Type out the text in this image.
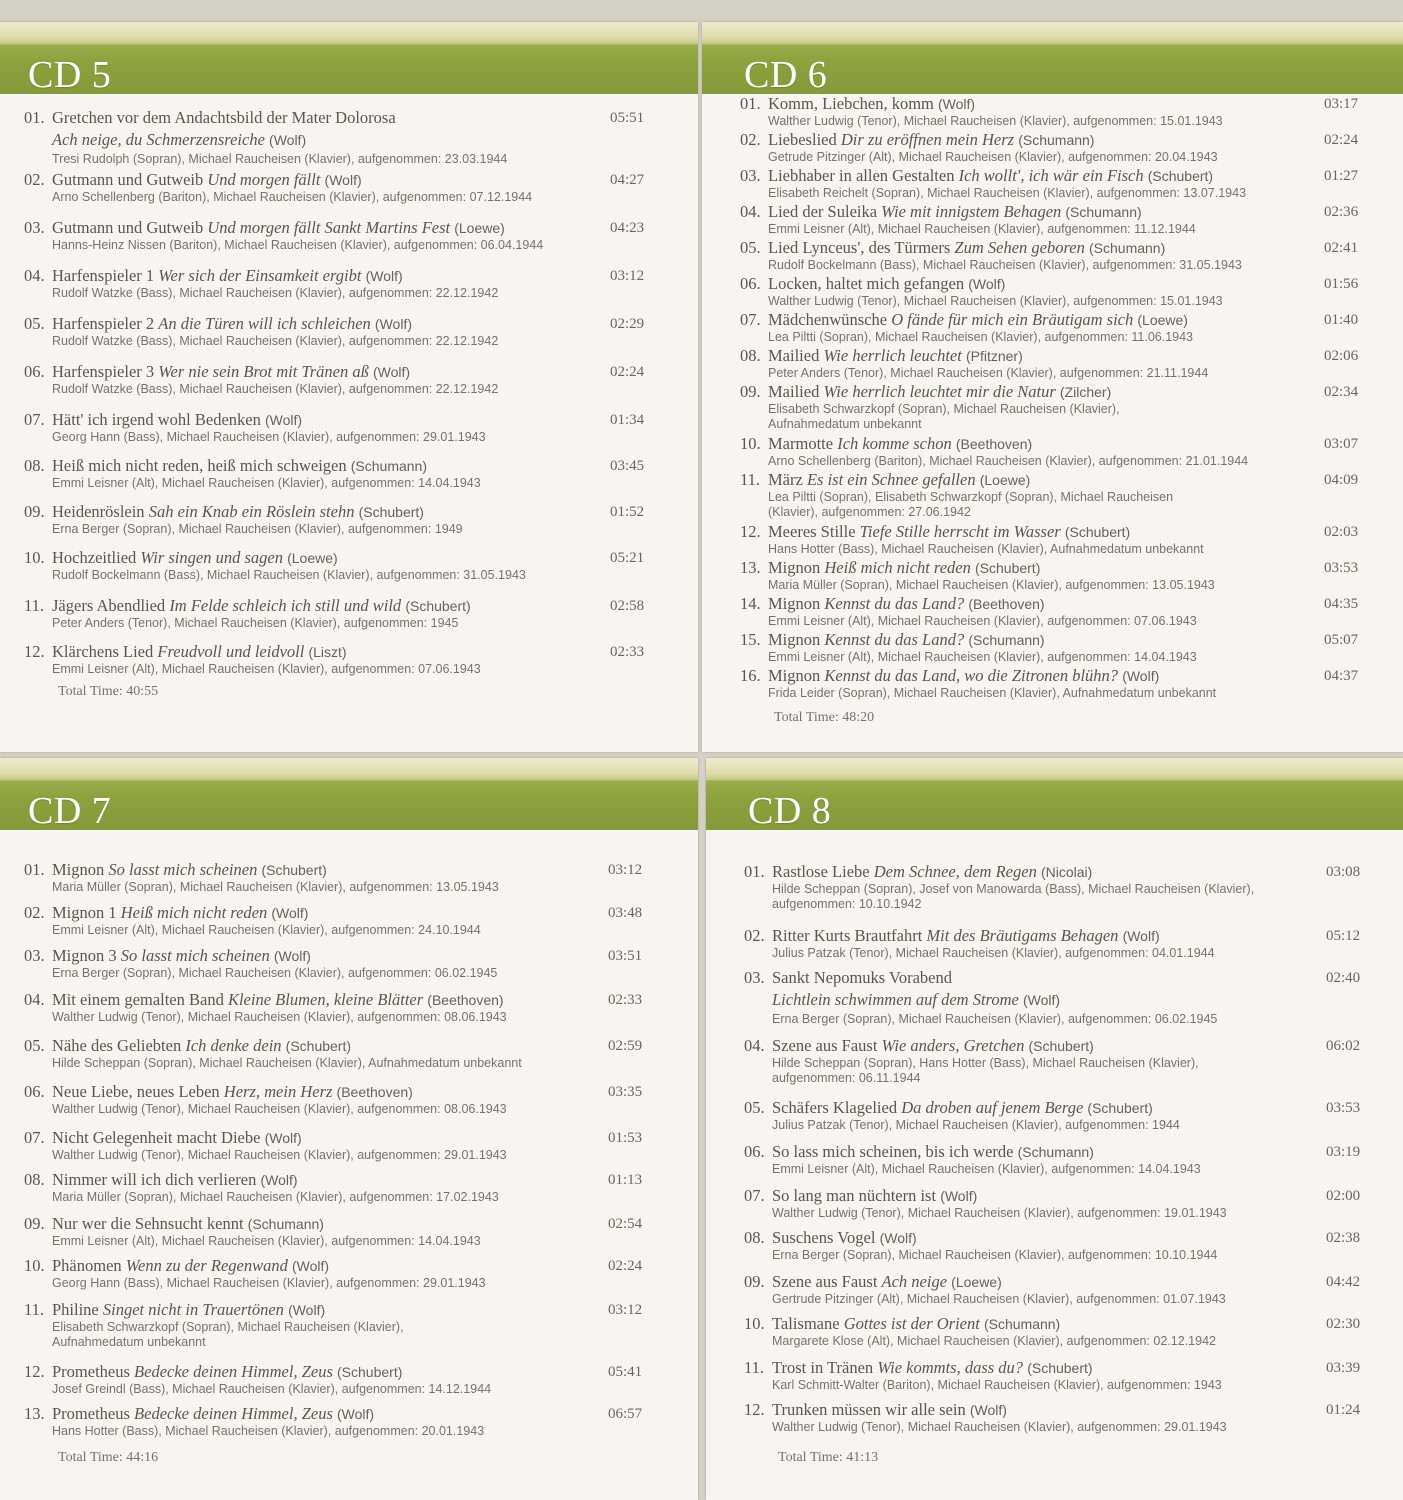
CD 5
01. Gretchen vor dem Andachtsbild der Mater Dolorosa
Ach neige, du Schmerzensreiche (Wolf)
Tresi Rudolph (Sopran), Michael Raucheisen (Klavier), aufgenommen: 23.03.1944
05:51
02. Gutmann und Gutweib Und morgen fällt (Wolf)
Arno Schellenberg (Bariton), Michael Raucheisen (Klavier), aufgenommen: 07.12.1944
04:27
03. Gutmann und Gutweib Und morgen fällt Sankt Martins Fest (Loewe)
Hanns-Heinz Nissen (Bariton), Michael Raucheisen (Klavier), aufgenommen: 06.04.1944
04:23
04. Harfenspieler 1 Wer sich der Einsamkeit ergibt (Wolf)
Rudolf Watzke (Bass), Michael Raucheisen (Klavier), aufgenommen: 22.12.1942
03:12
05. Harfenspieler 2 An die Türen will ich schleichen (Wolf)
Rudolf Watzke (Bass), Michael Raucheisen (Klavier), aufgenommen: 22.12.1942
02:29
06. Harfenspieler 3 Wer nie sein Brot mit Tränen aß (Wolf)
Rudolf Watzke (Bass), Michael Raucheisen (Klavier), aufgenommen: 22.12.1942
02:24
07. Hätt' ich irgend wohl Bedenken (Wolf)
Georg Hann (Bass), Michael Raucheisen (Klavier), aufgenommen: 29.01.1943
01:34
08. Heiß mich nicht reden, heiß mich schweigen (Schumann)
Emmi Leisner (Alt), Michael Raucheisen (Klavier), aufgenommen: 14.04.1943
03:45
09. Heidenröslein Sah ein Knab ein Röslein stehn (Schubert)
Erna Berger (Sopran), Michael Raucheisen (Klavier), aufgenommen: 1949
01:52
10. Hochzeitlied Wir singen und sagen (Loewe)
Rudolf Bockelmann (Bass), Michael Raucheisen (Klavier), aufgenommen: 31.05.1943
05:21
11. Jägers Abendlied Im Felde schleich ich still und wild (Schubert)
Peter Anders (Tenor), Michael Raucheisen (Klavier), aufgenommen: 1945
02:58
12. Klärchens Lied Freudvoll und leidvoll (Liszt)
Emmi Leisner (Alt), Michael Raucheisen (Klavier), aufgenommen: 07.06.1943
02:33
Total Time: 40:55
CD 6
01. Komm, Liebchen, komm (Wolf)
Walther Ludwig (Tenor), Michael Raucheisen (Klavier), aufgenommen: 15.01.1943
03:17
02. Liebeslied Dir zu eröffnen mein Herz (Schumann)
Getrude Pitzinger (Alt), Michael Raucheisen (Klavier), aufgenommen: 20.04.1943
02:24
03. Liebhaber in allen Gestalten Ich wollt', ich wär ein Fisch (Schubert)
Elisabeth Reichelt (Sopran), Michael Raucheisen (Klavier), aufgenommen: 13.07.1943
01:27
04. Lied der Suleika Wie mit innigstem Behagen (Schumann)
Emmi Leisner (Alt), Michael Raucheisen (Klavier), aufgenommen: 11.12.1944
02:36
05. Lied Lynceus', des Türmers Zum Sehen geboren (Schumann)
Rudolf Bockelmann (Bass), Michael Raucheisen (Klavier), aufgenommen: 31.05.1943
02:41
06. Locken, haltet mich gefangen (Wolf)
Walther Ludwig (Tenor), Michael Raucheisen (Klavier), aufgenommen: 15.01.1943
01:56
07. Mädchenwünsche O fände für mich ein Bräutigam sich (Loewe)
Lea Piltti (Sopran), Michael Raucheisen (Klavier), aufgenommen: 11.06.1943
01:40
08. Mailied Wie herrlich leuchtet (Pfitzner)
Peter Anders (Tenor), Michael Raucheisen (Klavier), aufgenommen: 21.11.1944
02:06
09. Mailied Wie herrlich leuchtet mir die Natur (Zilcher)
Elisabeth Schwarzkopf (Sopran), Michael Raucheisen (Klavier),
Aufnahmedatum unbekannt
02:34
10. Marmotte Ich komme schon (Beethoven)
Arno Schellenberg (Bariton), Michael Raucheisen (Klavier), aufgenommen: 21.01.1944
03:07
11. März Es ist ein Schnee gefallen (Loewe)
Lea Piltti (Sopran), Elisabeth Schwarzkopf (Sopran), Michael Raucheisen
(Klavier), aufgenommen: 27.06.1942
04:09
12. Meeres Stille Tiefe Stille herrscht im Wasser (Schubert)
Hans Hotter (Bass), Michael Raucheisen (Klavier), Aufnahmedatum unbekannt
02:03
13. Mignon Heiß mich nicht reden (Schubert)
Maria Müller (Sopran), Michael Raucheisen (Klavier), aufgenommen: 13.05.1943
03:53
14. Mignon Kennst du das Land? (Beethoven)
Emmi Leisner (Alt), Michael Raucheisen (Klavier), aufgenommen: 07.06.1943
04:35
15. Mignon Kennst du das Land? (Schumann)
Emmi Leisner (Alt), Michael Raucheisen (Klavier), aufgenommen: 14.04.1943
05:07
16. Mignon Kennst du das Land, wo die Zitronen blühn? (Wolf)
Frida Leider (Sopran), Michael Raucheisen (Klavier), Aufnahmedatum unbekannt
04:37
Total Time: 48:20
CD 7
01. Mignon So lasst mich scheinen (Schubert)
Maria Müller (Sopran), Michael Raucheisen (Klavier), aufgenommen: 13.05.1943
03:12
02. Mignon 1 Heiß mich nicht reden (Wolf)
Emmi Leisner (Alt), Michael Raucheisen (Klavier), aufgenommen: 24.10.1944
03:48
03. Mignon 3 So lasst mich scheinen (Wolf)
Erna Berger (Sopran), Michael Raucheisen (Klavier), aufgenommen: 06.02.1945
03:51
04. Mit einem gemalten Band Kleine Blumen, kleine Blätter (Beethoven)
Walther Ludwig (Tenor), Michael Raucheisen (Klavier), aufgenommen: 08.06.1943
02:33
05. Nähe des Geliebten Ich denke dein (Schubert)
Hilde Scheppan (Sopran), Michael Raucheisen (Klavier), Aufnahmedatum unbekannt
02:59
06. Neue Liebe, neues Leben Herz, mein Herz (Beethoven)
Walther Ludwig (Tenor), Michael Raucheisen (Klavier), aufgenommen: 08.06.1943
03:35
07. Nicht Gelegenheit macht Diebe (Wolf)
Walther Ludwig (Tenor), Michael Raucheisen (Klavier), aufgenommen: 29.01.1943
01:53
08. Nimmer will ich dich verlieren (Wolf)
Maria Müller (Sopran), Michael Raucheisen (Klavier), aufgenommen: 17.02.1943
01:13
09. Nur wer die Sehnsucht kennt (Schumann)
Emmi Leisner (Alt), Michael Raucheisen (Klavier), aufgenommen: 14.04.1943
02:54
10. Phänomen Wenn zu der Regenwand (Wolf)
Georg Hann (Bass), Michael Raucheisen (Klavier), aufgenommen: 29.01.1943
02:24
11. Philine Singet nicht in Trauertönen (Wolf)
Elisabeth Schwarzkopf (Sopran), Michael Raucheisen (Klavier),
Aufnahmedatum unbekannt
03:12
12. Prometheus Bedecke deinen Himmel, Zeus (Schubert)
Josef Greindl (Bass), Michael Raucheisen (Klavier), aufgenommen: 14.12.1944
05:41
13. Prometheus Bedecke deinen Himmel, Zeus (Wolf)
Hans Hotter (Bass), Michael Raucheisen (Klavier), aufgenommen: 20.01.1943
06:57
Total Time: 44:16
CD 8
01. Rastlose Liebe Dem Schnee, dem Regen (Nicolai)
Hilde Scheppan (Sopran), Josef von Manowarda (Bass), Michael Raucheisen (Klavier),
aufgenommen: 10.10.1942
03:08
02. Ritter Kurts Brautfahrt Mit des Bräutigams Behagen (Wolf)
Julius Patzak (Tenor), Michael Raucheisen (Klavier), aufgenommen: 04.01.1944
05:12
03. Sankt Nepomuks Vorabend
Lichtlein schwimmen auf dem Strome (Wolf)
Erna Berger (Sopran), Michael Raucheisen (Klavier), aufgenommen: 06.02.1945
02:40
04. Szene aus Faust Wie anders, Gretchen (Schubert)
Hilde Scheppan (Sopran), Hans Hotter (Bass), Michael Raucheisen (Klavier),
aufgenommen: 06.11.1944
06:02
05. Schäfers Klagelied Da droben auf jenem Berge (Schubert)
Julius Patzak (Tenor), Michael Raucheisen (Klavier), aufgenommen: 1944
03:53
06. So lass mich scheinen, bis ich werde (Schumann)
Emmi Leisner (Alt), Michael Raucheisen (Klavier), aufgenommen: 14.04.1943
03:19
07. So lang man nüchtern ist (Wolf)
Walther Ludwig (Tenor), Michael Raucheisen (Klavier), aufgenommen: 19.01.1943
02:00
08. Suschens Vogel (Wolf)
Erna Berger (Sopran), Michael Raucheisen (Klavier), aufgenommen: 10.10.1944
02:38
09. Szene aus Faust Ach neige (Loewe)
Gertrude Pitzinger (Alt), Michael Raucheisen (Klavier), aufgenommen: 01.07.1943
04:42
10. Talismane Gottes ist der Orient (Schumann)
Margarete Klose (Alt), Michael Raucheisen (Klavier), aufgenommen: 02.12.1942
02:30
11. Trost in Tränen Wie kommts, dass du? (Schubert)
Karl Schmitt-Walter (Bariton), Michael Raucheisen (Klavier), aufgenommen: 1943
03:39
12. Trunken müssen wir alle sein (Wolf)
Walther Ludwig (Tenor), Michael Raucheisen (Klavier), aufgenommen: 29.01.1943
01:24
Total Time: 41:13
